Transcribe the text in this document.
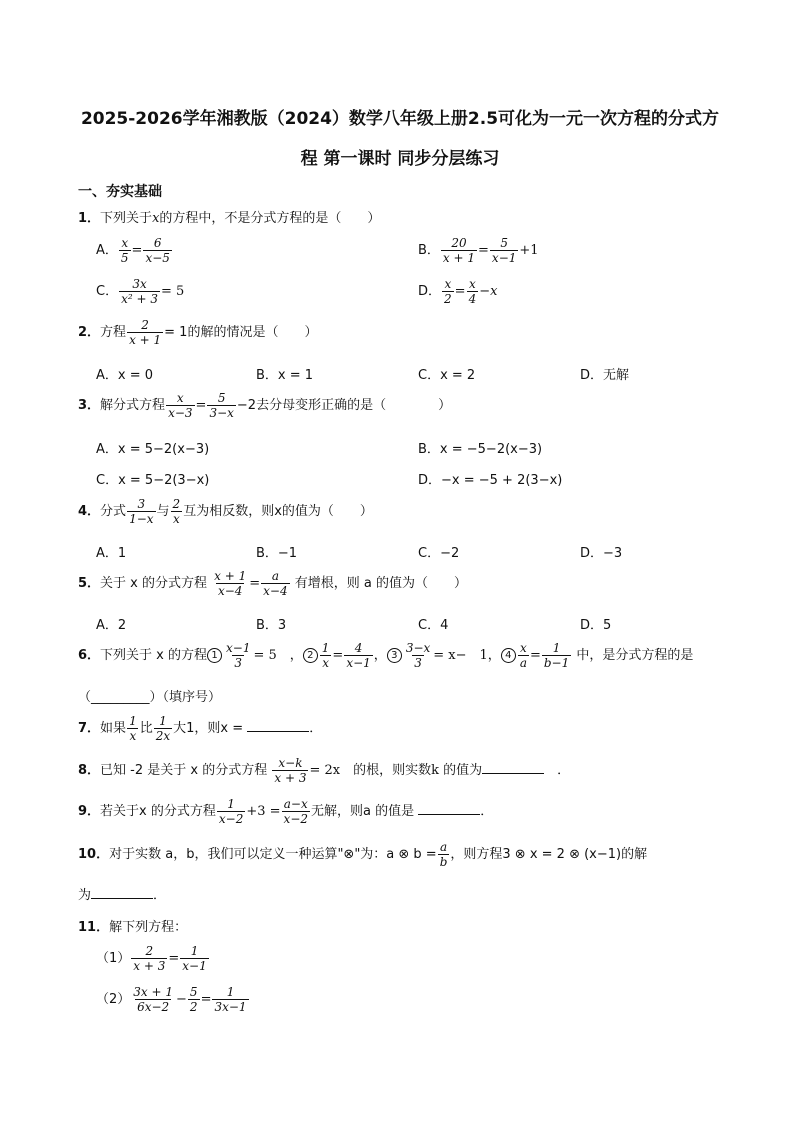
2025-2026学年湘教版（2024）数学八年级上册2.5可化为一元一次方程的分式方
程 第一课时 同步分层练习
一、夯实基础
1．下列关于x的方程中，不是分式方程的是（　　）
A． $\frac{x}{5} = \frac{6}{x-5}$	B． $\frac{20}{x + 1} = \frac{5}{x-1} +1$
C． $\frac{3x}{\text{x² + 3}} = 5$	D． $\frac{x}{2} = \frac{x}{4} -x$
2．方程 $\frac{2}{x + 1} = 1$的解的情况是（　　）
A．x = 0	B．x = 1	C．x = 2	D．无解
3．解分式方程 $\frac{x}{x-3} = \frac{5}{3-x} -2$去分母变形正确的是（　　　　）
A．x = 5−2(x−3)	B．x = −5−2(x−3)
C．x = 5−2(3−x)	D．−x = −5 + 2(3−x)
4．分式 $\frac{3}{1-x}$ 与 $\frac{2}{x}$ 互为相反数，则x的值为（　　）
A．1	B．−1	C．−2	D．−3
5．关于 x 的分式方程 $\frac{x + 1}{x-4} = \frac{a}{x-4}$ 有增根，则 a 的值为（　　）
A．2	B．3	C．4	D．5
6．下列关于 x 的方程 $1 \frac{x-1}{3} = 5$　， $2 \frac{1}{x} = \frac{4}{x-1}$ ， $3 \frac{3-x}{3} = x-$　1， $4 \frac{x}{a} = \frac{1}{b-1}$ 中，是分式方程的是
（_________）（填序号）
7．如果 $\frac{1}{x}$ 比 $\frac{1}{2x}$ 大1，则x =	．
8．已知 -2 是关于 x 的分式方程 $\frac{x-k}{x + 3} = 2x$　的根，则实数k 的值为	　．
9．若关于x 的分式方程 $\frac{1}{x-2} +3 = \frac{a-x}{x-2}$ 无解，则a 的值是	．
10．对于实数 a，b，我们可以定义一种运算"⊗"为：a ⊗ $b = \frac{a}{b}$ ，则方程3 ⊗ x = 2 ⊗ (x−1)的解
为	．
11．解下列方程：
$(1) \frac{2}{x + 3} = \frac{1}{x-1}$
$(2) \frac{3x + 1}{6x-2} - \frac{5}{2} = \frac{1}{3x-1}$
